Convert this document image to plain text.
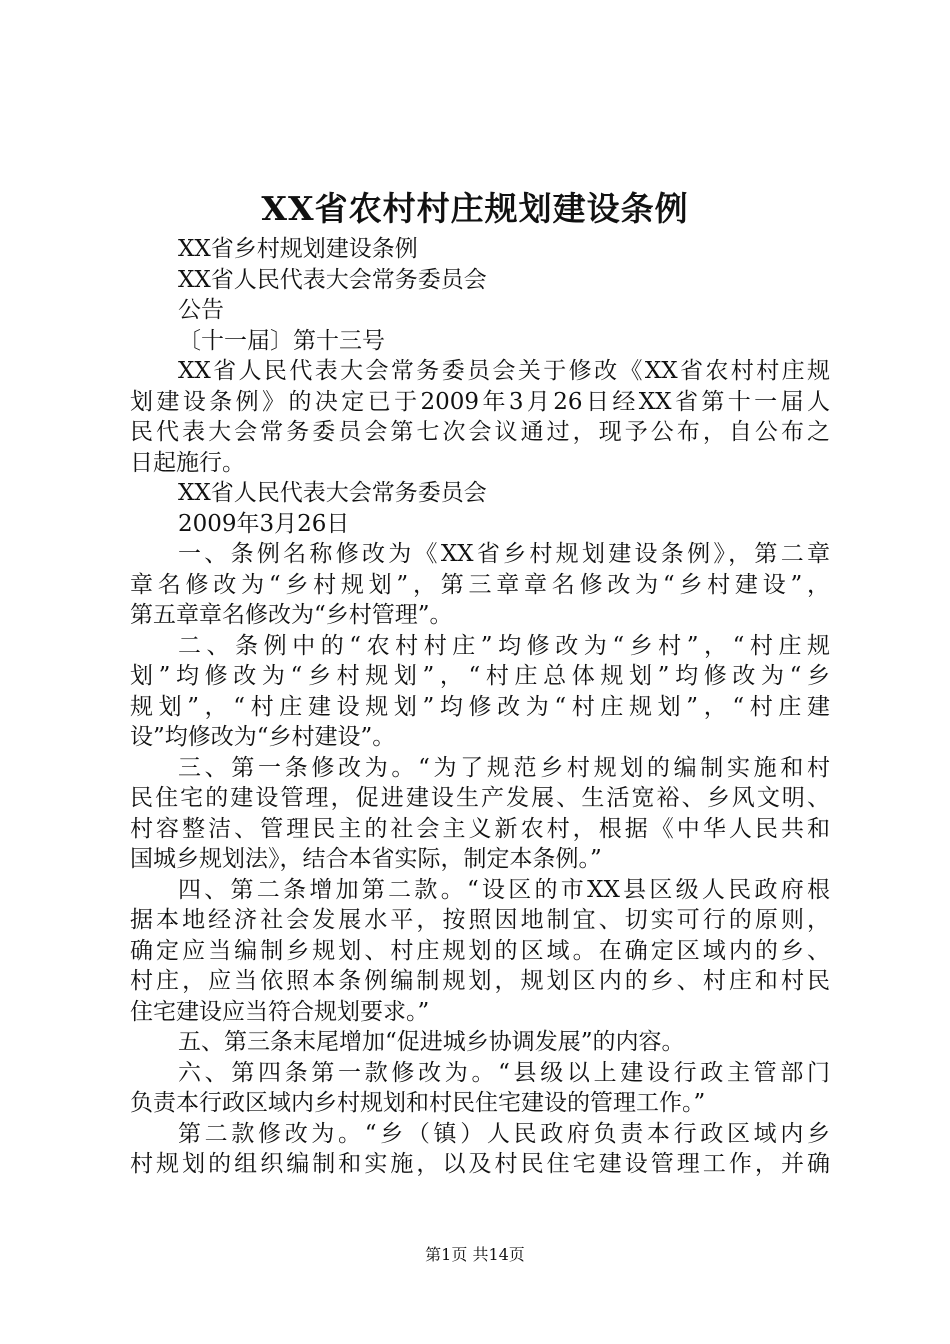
XX省农村村庄规划建设条例
XX省乡村规划建设条例
XX省人民代表大会常务委员会
公告
〔十一届〕第十三号
XX省人民代表大会常务委员会关于修改《XX省农村村庄规
划建设条例》的决定已于2009年3月26日经XX省第十一届人
民代表大会常务委员会第七次会议通过，现予公布，自公布之
日起施行。
XX省人民代表大会常务委员会
2009年3月26日
一、条例名称修改为《XX省乡村规划建设条例》，第二章
章名修改为“乡村规划”，第三章章名修改为“乡村建设”，
第五章章名修改为“乡村管理”。
二、条例中的“农村村庄”均修改为“乡村”，“村庄规
划”均修改为“乡村规划”，“村庄总体规划”均修改为“乡
规划”，“村庄建设规划”均修改为“村庄规划”，“村庄建
设”均修改为“乡村建设”。
三、第一条修改为。“为了规范乡村规划的编制实施和村
民住宅的建设管理，促进建设生产发展、生活宽裕、乡风文明、
村容整洁、管理民主的社会主义新农村，根据《中华人民共和
国城乡规划法》，结合本省实际，制定本条例。”
四、第二条增加第二款。“设区的市XX县区级人民政府根
据本地经济社会发展水平，按照因地制宜、切实可行的原则，
确定应当编制乡规划、村庄规划的区域。在确定区域内的乡、
村庄，应当依照本条例编制规划，规划区内的乡、村庄和村民
住宅建设应当符合规划要求。”
五、第三条末尾增加“促进城乡协调发展”的内容。
六、第四条第一款修改为。“县级以上建设行政主管部门
负责本行政区域内乡村规划和村民住宅建设的管理工作。”
第二款修改为。“乡（镇）人民政府负责本行政区域内乡
村规划的组织编制和实施，以及村民住宅建设管理工作，并确
第1页 共14页
